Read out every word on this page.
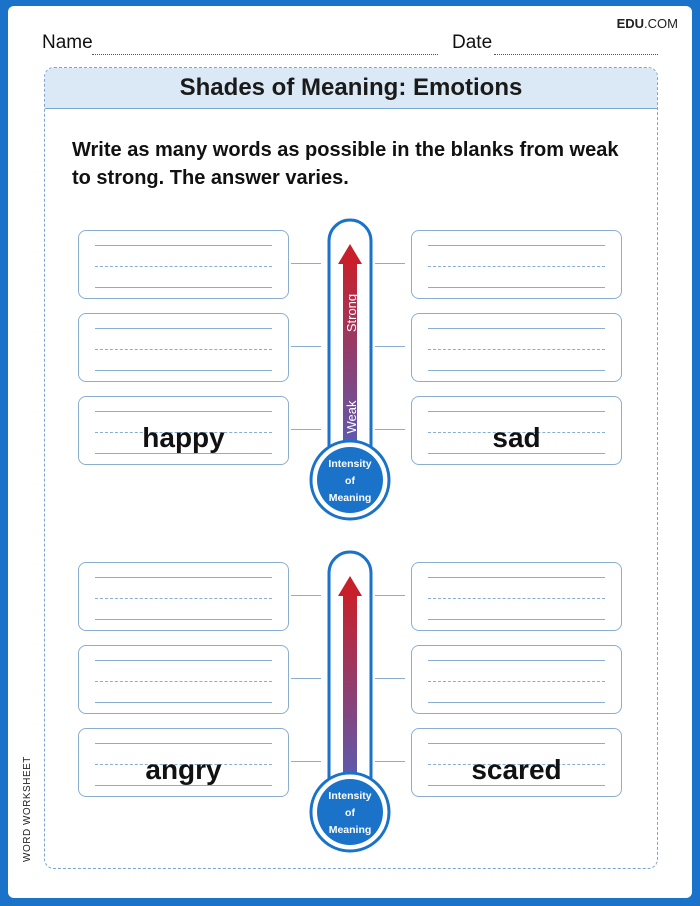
EDU.COM
Name	Date
Shades of Meaning: Emotions
Write as many words as possible in the blanks from weak to strong. The answer varies.
happy	sad
Intensity
of
Meaning
Strong
Weak
angry	scared
Intensity
of
Meaning
WORD WORKSHEET
